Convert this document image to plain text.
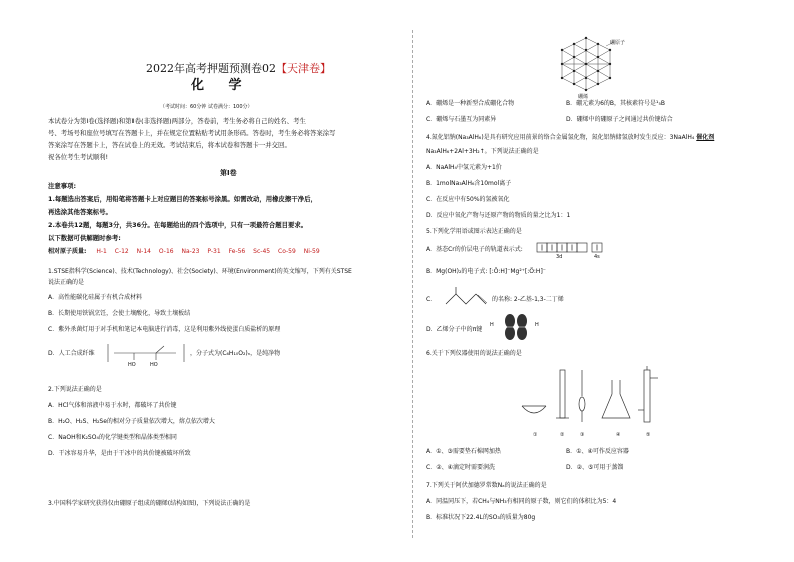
2022年高考押题预测卷02【天津卷】
化 学
（考试时间：60分钟 试卷满分：100分）
本试卷分为第Ⅰ卷(选择题)和第Ⅱ卷(非选择题)两部分，答卷前，考生务必将自己的姓名、考生
号、考场号和座位号填写在答题卡上，并在规定位置粘贴考试用条形码。答卷时，考生务必将答案涂写
答案涂写在答题卡上，答在试卷上的无效。考试结束后，将本试卷和答题卡一并交回。
祝各位考生考试顺利!
第Ⅰ卷
注意事项:
1.每题选出答案后，用铅笔将答题卡上对应题目的答案标号涂黑。如需改动，用橡皮擦干净后，
再选涂其他答案标号。
2.本卷共12题，每题3分，共36分。在每题给出的四个选项中，只有一项最符合题目要求。
以下数据可供解题时参考:
相对原子质量: H-1 C-12 N-14 O-16 Na-23 P-31 Fe-56 Sc-45 Co-59 Ni-59
1.STSE指科学(Science)、技术(Technology)、社会(Society)、环境(Environment)的英文缩写，下列有关STSE
说法正确的是
A．高性能碳化硅属于有机合成材料
B．长期使用铁锅烹饪，会使土壤酸化，导致土壤板结
C．紫外杀菌灯用于对手机和笔记本电脑进行消毒，这是利用紫外线使蛋白质盐析的原理
D．人工合成纤维
HO	HO
，分子式为(C₆H₁₀O₂)ₙ，是纯净物
2.下列说法正确的是
A．HCl气体和溶液中易于水时，都破坏了共价键
B．H₂O、H₂S、H₂Se的相对分子质量依次增大，熔点依次增大
C．NaOH和K₂SO₄的化学键类型和晶体类型相同
D．干冰容易升华，是由于干冰中的共价键被破坏所致
3.中国科学家研究获得仅由硼原子组成的硼烯(结构如图)，下列说法正确的是
硼原子
硼烯
A．硼烯是一种新型合成硼化合物	B．硼元素为6的B，其核素符号是¹₅B
C．硼烯与石墨互为同素异	D．硼烯中的硼原子之间通过共价键结合
4.氮化铝钠(Na₃AlH₆)是具有研究应用前景的络合金属氢化物，氮化铝钠储氢放时发生反应：3NaAlH₄ 催化剂
Na₃AlH₆+2Al+3H₂↑。下列说法正确的是
A．NaAlH₄中氢元素为+1价
B．1molNa₃AlH₆含10mol离子
C．在反应中有50%的氢被氧化
D．反应中氧化产物与还原产物的物质的量之比为1：1
5.下列化学用语或图示表达正确的是
A．基态Cr的价层电子的轨道表示式:
3d	4s
B．Mg(OH)₂的电子式: [:Ö:H]⁻Mg²⁺[:Ö:H]⁻
C．	的名称: 2-乙基-1,3-二丁烯
D．乙烯分子中的π键
H	H
6.关于下列仪器使用的说法正确的是
①	②	③	④	⑤
A．①、③需要垫石棉网加热	B．①、④可作反应容器
C．②、④滴定时需要润洗	D．②、⑤可用于蒸馏
7.下列关于阿伏加德罗常数Nₐ的说法正确的是
A．同温同压下，若CH₄与NH₃有相同的原子数，则它们的体积比为5：4
B．标准状况下22.4L的SO₃的质量为80g
